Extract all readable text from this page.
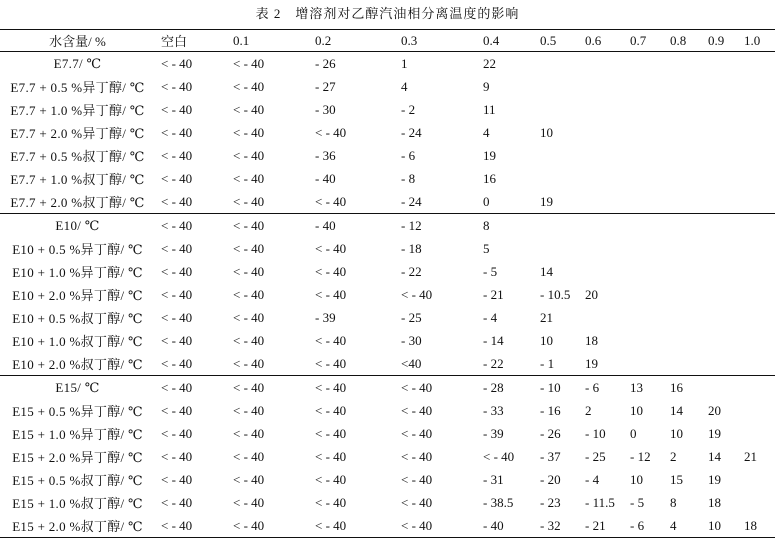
表 2　增溶剂对乙醇汽油相分离温度的影响
水含量/ %	空白	0.1	0.2	0.3	0.4	0.5	0.6	0.7	0.8	0.9	1.0
E7.7/ ℃	< - 40	< - 40	- 26	1	22						
E7.7 + 0.5 %异丁醇/ ℃	< - 40	< - 40	- 27	4	9						
E7.7 + 1.0 %异丁醇/ ℃	< - 40	< - 40	- 30	- 2	11						
E7.7 + 2.0 %异丁醇/ ℃	< - 40	< - 40	< - 40	- 24	4	10					
E7.7 + 0.5 %叔丁醇/ ℃	< - 40	< - 40	- 36	- 6	19						
E7.7 + 1.0 %叔丁醇/ ℃	< - 40	< - 40	- 40	- 8	16						
E7.7 + 2.0 %叔丁醇/ ℃	< - 40	< - 40	< - 40	- 24	0	19					
E10/ ℃	< - 40	< - 40	- 40	- 12	8						
E10 + 0.5 %异丁醇/ ℃	< - 40	< - 40	< - 40	- 18	5						
E10 + 1.0 %异丁醇/ ℃	< - 40	< - 40	< - 40	- 22	- 5	14					
E10 + 2.0 %异丁醇/ ℃	< - 40	< - 40	< - 40	< - 40	- 21	- 10.5	20				
E10 + 0.5 %叔丁醇/ ℃	< - 40	< - 40	- 39	- 25	- 4	21					
E10 + 1.0 %叔丁醇/ ℃	< - 40	< - 40	< - 40	- 30	- 14	10	18				
E10 + 2.0 %叔丁醇/ ℃	< - 40	< - 40	< - 40	<40	- 22	- 1	19				
E15/ ℃	< - 40	< - 40	< - 40	< - 40	- 28	- 10	- 6	13	16		
E15 + 0.5 %异丁醇/ ℃	< - 40	< - 40	< - 40	< - 40	- 33	- 16	2	10	14	20	
E15 + 1.0 %异丁醇/ ℃	< - 40	< - 40	< - 40	< - 40	- 39	- 26	- 10	0	10	19	
E15 + 2.0 %异丁醇/ ℃	< - 40	< - 40	< - 40	< - 40	< - 40	- 37	- 25	- 12	2	14	21
E15 + 0.5 %叔丁醇/ ℃	< - 40	< - 40	< - 40	< - 40	- 31	- 20	- 4	10	15	19	
E15 + 1.0 %叔丁醇/ ℃	< - 40	< - 40	< - 40	< - 40	- 38.5	- 23	- 11.5	- 5	8	18	
E15 + 2.0 %叔丁醇/ ℃	< - 40	< - 40	< - 40	< - 40	- 40	- 32	- 21	- 6	4	10	18
